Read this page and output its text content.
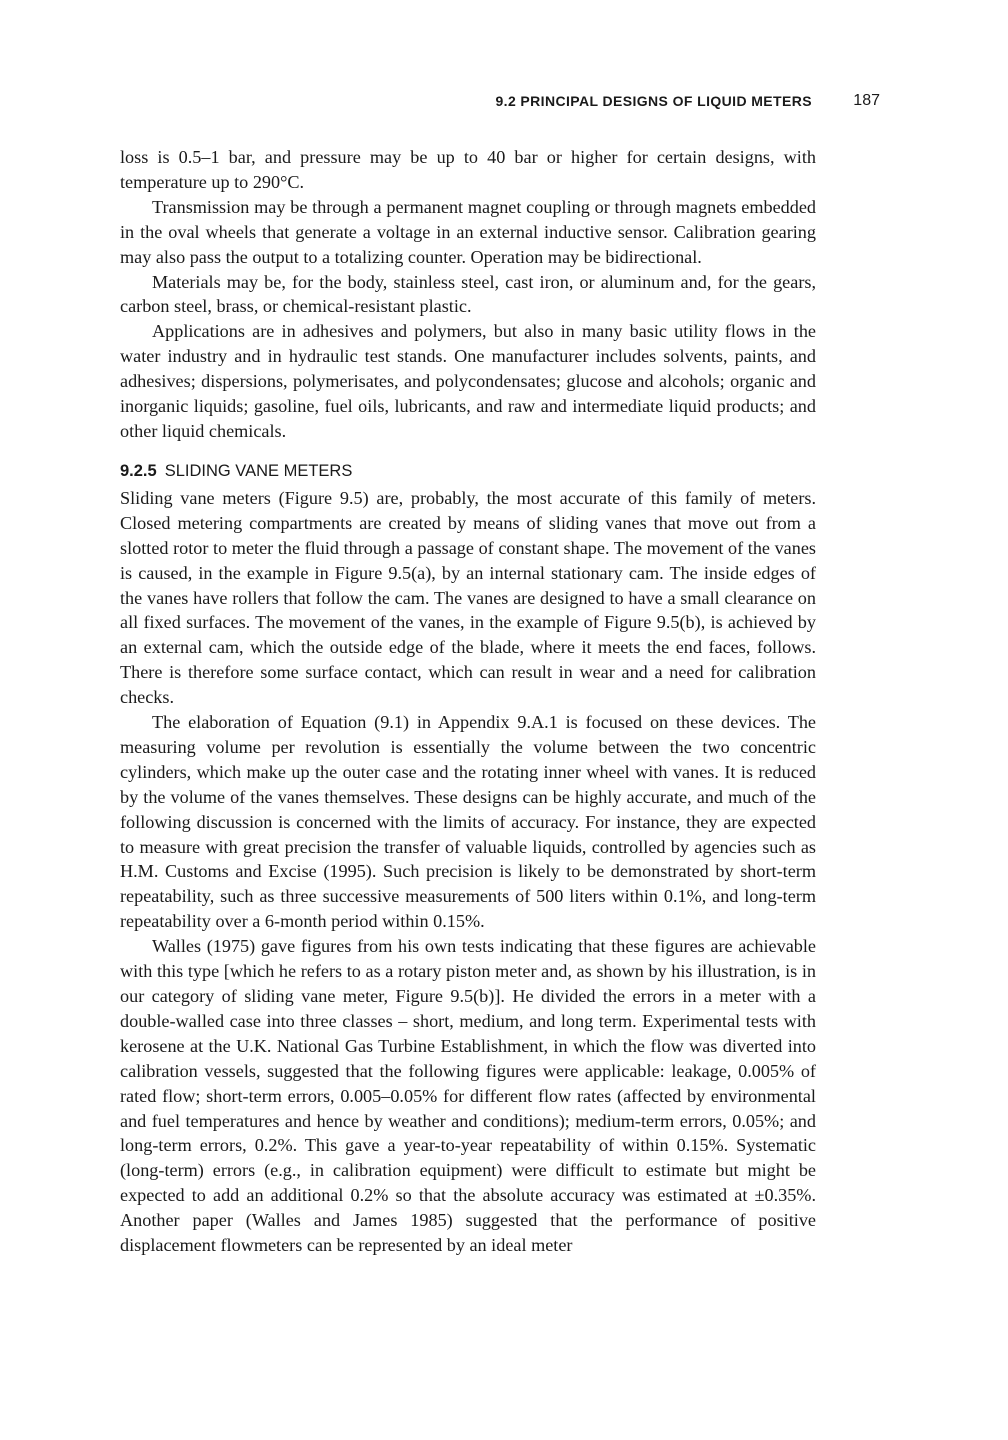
9.2 PRINCIPAL DESIGNS OF LIQUID METERS	187

loss is 0.5–1 bar, and pressure may be up to 40 bar or higher for certain designs, with temperature up to 290°C.

Transmission may be through a permanent magnet coupling or through magnets embedded in the oval wheels that generate a voltage in an external inductive sensor. Calibration gearing may also pass the output to a totalizing counter. Operation may be bidirectional.

Materials may be, for the body, stainless steel, cast iron, or aluminum and, for the gears, carbon steel, brass, or chemical-resistant plastic.

Applications are in adhesives and polymers, but also in many basic utility flows in the water industry and in hydraulic test stands. One manufacturer includes solvents, paints, and adhesives; dispersions, polymerisates, and polycondensates; glucose and alcohols; organic and inorganic liquids; gasoline, fuel oils, lubricants, and raw and intermediate liquid products; and other liquid chemicals.

9.2.5 SLIDING VANE METERS

Sliding vane meters (Figure 9.5) are, probably, the most accurate of this family of meters. Closed metering compartments are created by means of sliding vanes that move out from a slotted rotor to meter the fluid through a passage of constant shape. The movement of the vanes is caused, in the example in Figure 9.5(a), by an internal stationary cam. The inside edges of the vanes have rollers that follow the cam. The vanes are designed to have a small clearance on all fixed surfaces. The movement of the vanes, in the example of Figure 9.5(b), is achieved by an external cam, which the outside edge of the blade, where it meets the end faces, follows. There is therefore some surface contact, which can result in wear and a need for calibration checks.

The elaboration of Equation (9.1) in Appendix 9.A.1 is focused on these devices. The measuring volume per revolution is essentially the volume between the two concentric cylinders, which make up the outer case and the rotating inner wheel with vanes. It is reduced by the volume of the vanes themselves. These designs can be highly accurate, and much of the following discussion is concerned with the limits of accuracy. For instance, they are expected to measure with great precision the transfer of valuable liquids, controlled by agencies such as H.M. Customs and Excise (1995). Such precision is likely to be demonstrated by short-term repeatability, such as three successive measurements of 500 liters within 0.1%, and long-term repeatability over a 6-month period within 0.15%.

Walles (1975) gave figures from his own tests indicating that these figures are achievable with this type [which he refers to as a rotary piston meter and, as shown by his illustration, is in our category of sliding vane meter, Figure 9.5(b)]. He divided the errors in a meter with a double-walled case into three classes – short, medium, and long term. Experimental tests with kerosene at the U.K. National Gas Turbine Establishment, in which the flow was diverted into calibration vessels, suggested that the following figures were applicable: leakage, 0.005% of rated flow; short-term errors, 0.005–0.05% for different flow rates (affected by environmental and fuel temperatures and hence by weather and conditions); medium-term errors, 0.05%; and long-term errors, 0.2%. This gave a year-to-year repeatability of within 0.15%. Systematic (long-term) errors (e.g., in calibration equipment) were difficult to estimate but might be expected to add an additional 0.2% so that the absolute accuracy was estimated at ±0.35%. Another paper (Walles and James 1985) suggested that the performance of positive displacement flowmeters can be represented by an ideal meter
